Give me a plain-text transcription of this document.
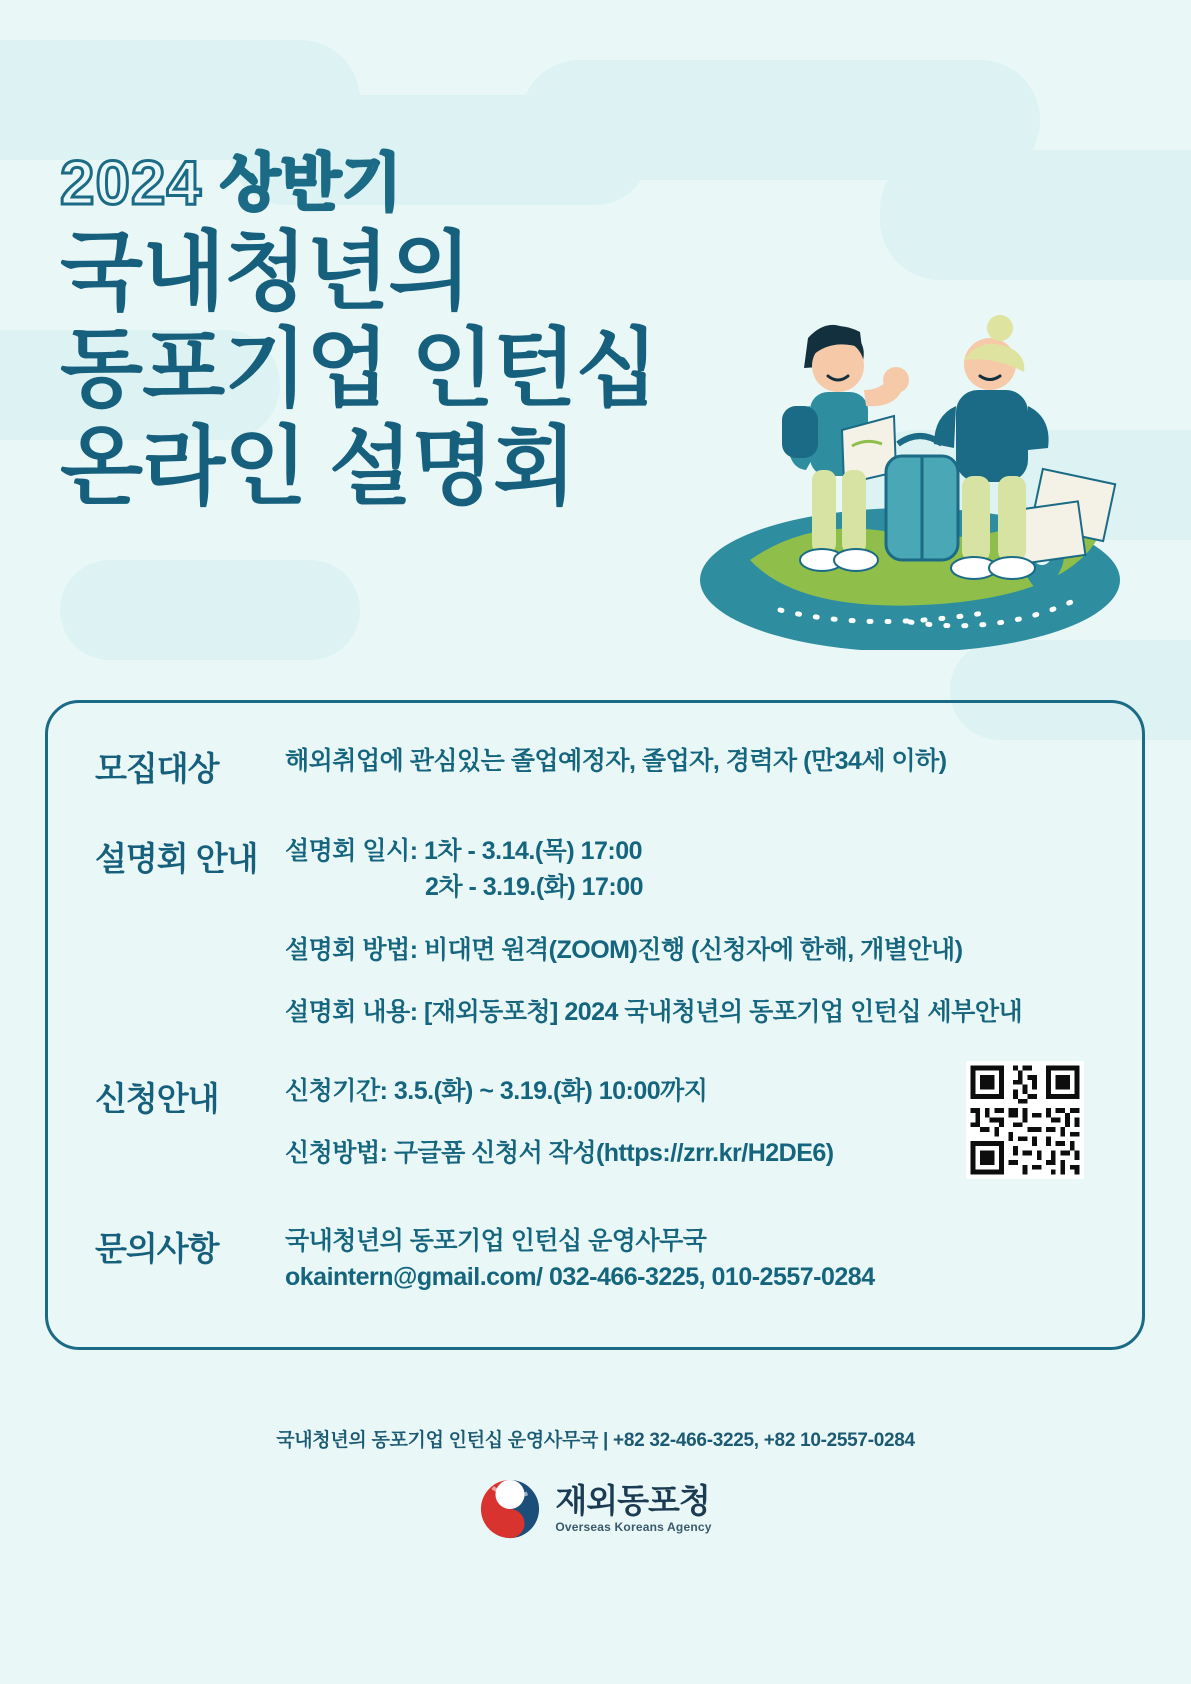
2024 상반기
국내청년의
동포기업 인턴십
온라인 설명회
모집대상	해외취업에 관심있는 졸업예정자, 졸업자, 경력자 (만34세 이하)
설명회 안내	설명회 일시: 1차 - 3.14.(목) 17:00
2차 - 3.19.(화) 17:00
설명회 방법: 비대면 원격(ZOOM)진행 (신청자에 한해, 개별안내)
설명회 내용: [재외동포청] 2024 국내청년의 동포기업 인턴십 세부안내
신청안내	신청기간: 3.5.(화) ~ 3.19.(화) 10:00까지
신청방법: 구글폼 신청서 작성(https://zrr.kr/H2DE6)
문의사항	국내청년의 동포기업 인턴십 운영사무국
okaintern@gmail.com/ 032-466-3225, 010-2557-0284
국내청년의 동포기업 인턴십 운영사무국 | +82 32-466-3225, +82 10-2557-0284
재외동포청
Overseas Koreans Agency
